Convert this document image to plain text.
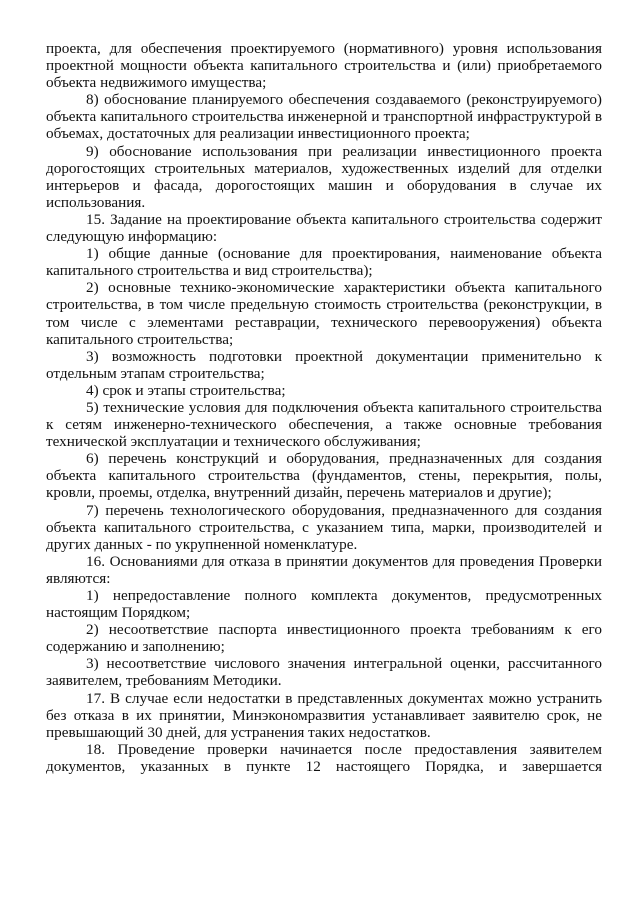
проекта, для обеспечения проектируемого (нормативного) уровня использования проектной мощности объекта капитального строительства и (или) приобретаемого объекта недвижимого имущества;

8) обоснование планируемого обеспечения создаваемого (реконструируемого) объекта капитального строительства инженерной и транспортной инфраструктурой в объемах, достаточных для реализации инвестиционного проекта;

9) обоснование использования при реализации инвестиционного проекта дорогостоящих строительных материалов, художественных изделий для отделки интерьеров и фасада, дорогостоящих машин и оборудования в случае их использования.

15. Задание на проектирование объекта капитального строительства содержит следующую информацию:

1) общие данные (основание для проектирования, наименование объекта капитального строительства и вид строительства);

2) основные технико-экономические характеристики объекта капитального строительства, в том числе предельную стоимость строительства (реконструкции, в том числе с элементами реставрации, технического перевооружения) объекта капитального строительства;

3) возможность подготовки проектной документации применительно к отдельным этапам строительства;

4) срок и этапы строительства;

5) технические условия для подключения объекта капитального строительства к сетям инженерно-технического обеспечения, а также основные требования технической эксплуатации и технического обслуживания;

6) перечень конструкций и оборудования, предназначенных для создания объекта капитального строительства (фундаментов, стены, перекрытия, полы, кровли, проемы, отделка, внутренний дизайн, перечень материалов и другие);

7) перечень технологического оборудования, предназначенного для создания объекта капитального строительства, с указанием типа, марки, производителей и других данных - по укрупненной номенклатуре.

16. Основаниями для отказа в принятии документов для проведения Проверки являются:

1) непредоставление полного комплекта документов, предусмотренных настоящим Порядком;

2) несоответствие паспорта инвестиционного проекта требованиям к его содержанию и заполнению;

3) несоответствие числового значения интегральной оценки, рассчитанного заявителем, требованиям Методики.

17. В случае если недостатки в представленных документах можно устранить без отказа в их принятии, Минэкономразвития устанавливает заявителю срок, не превышающий 30 дней, для устранения таких недостатков.

18. Проведение проверки начинается после предоставления заявителем документов, указанных в пункте 12 настоящего Порядка, и завершается
